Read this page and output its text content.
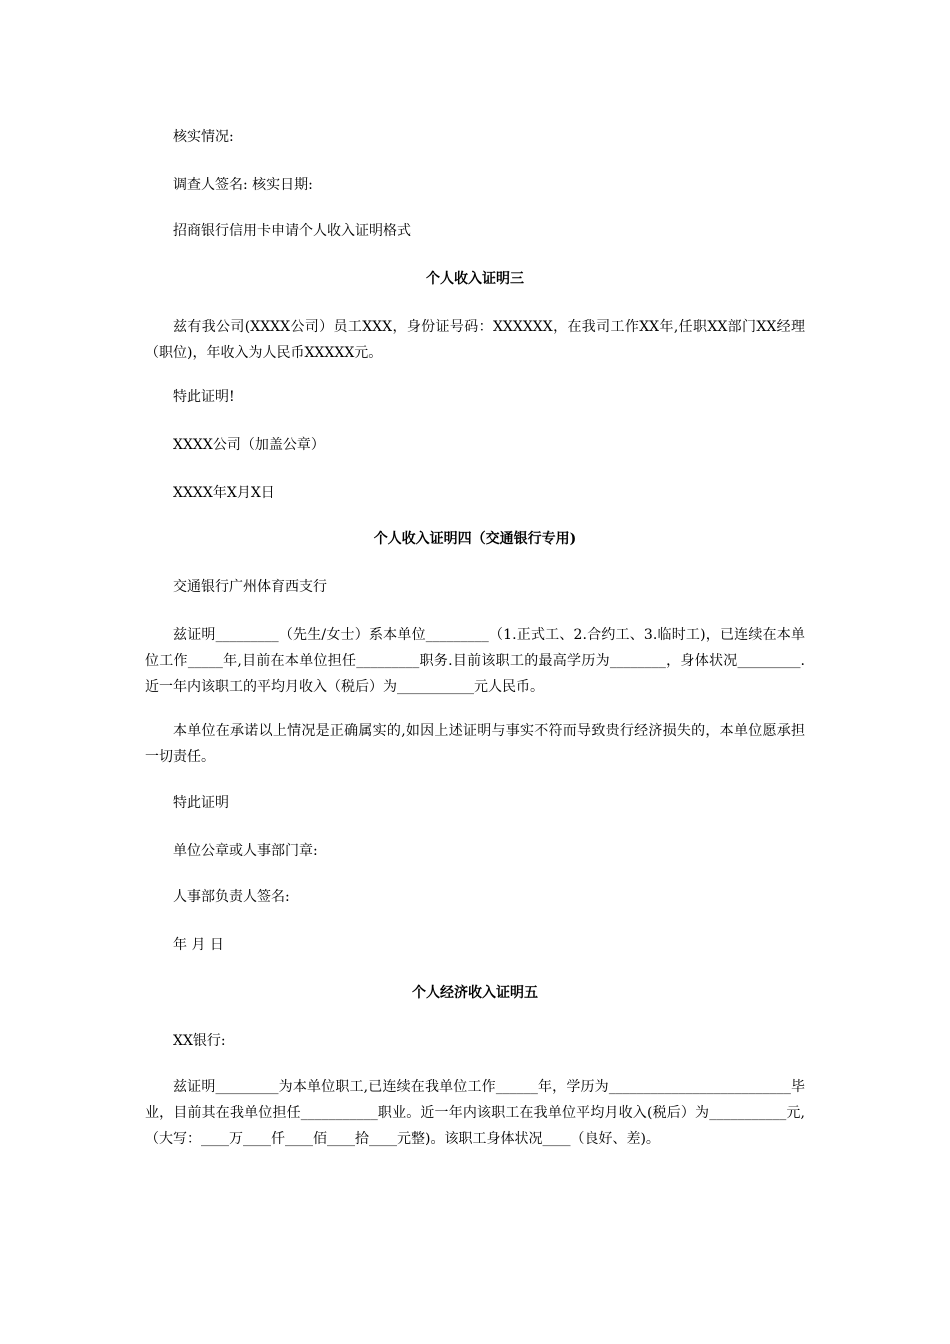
核实情况:

调查人签名: 核实日期:

招商银行信用卡申请个人收入证明格式

个人收入证明三

兹有我公司(XXXX公司）员工XXX，身份证号码：XXXXXX，在我司工作XX年,任职XX部门XX经理（职位)，年收入为人民币XXXXX元。

特此证明!

XXXX公司（加盖公章）

XXXX年X月X日

个人收入证明四（交通银行专用)

交通银行广州体育西支行

兹证明_________（先生/女士）系本单位_________（1.正式工、2.合约工、3.临时工)，已连续在本单位工作_____年,目前在本单位担任_________职务.目前该职工的最高学历为________，身体状况_________.近一年内该职工的平均月收入（税后）为___________元人民币。

本单位在承诺以上情况是正确属实的,如因上述证明与事实不符而导致贵行经济损失的，本单位愿承担一切责任。

特此证明

单位公章或人事部门章:

人事部负责人签名:

年 月 日

个人经济收入证明五

XX银行:

兹证明_________为本单位职工,已连续在我单位工作______年，学历为__________________________毕业，目前其在我单位担任___________职业。近一年内该职工在我单位平均月收入(税后）为___________元,（大写：____万____仟____佰____拾____元整)。该职工身体状况____（良好、差)。
